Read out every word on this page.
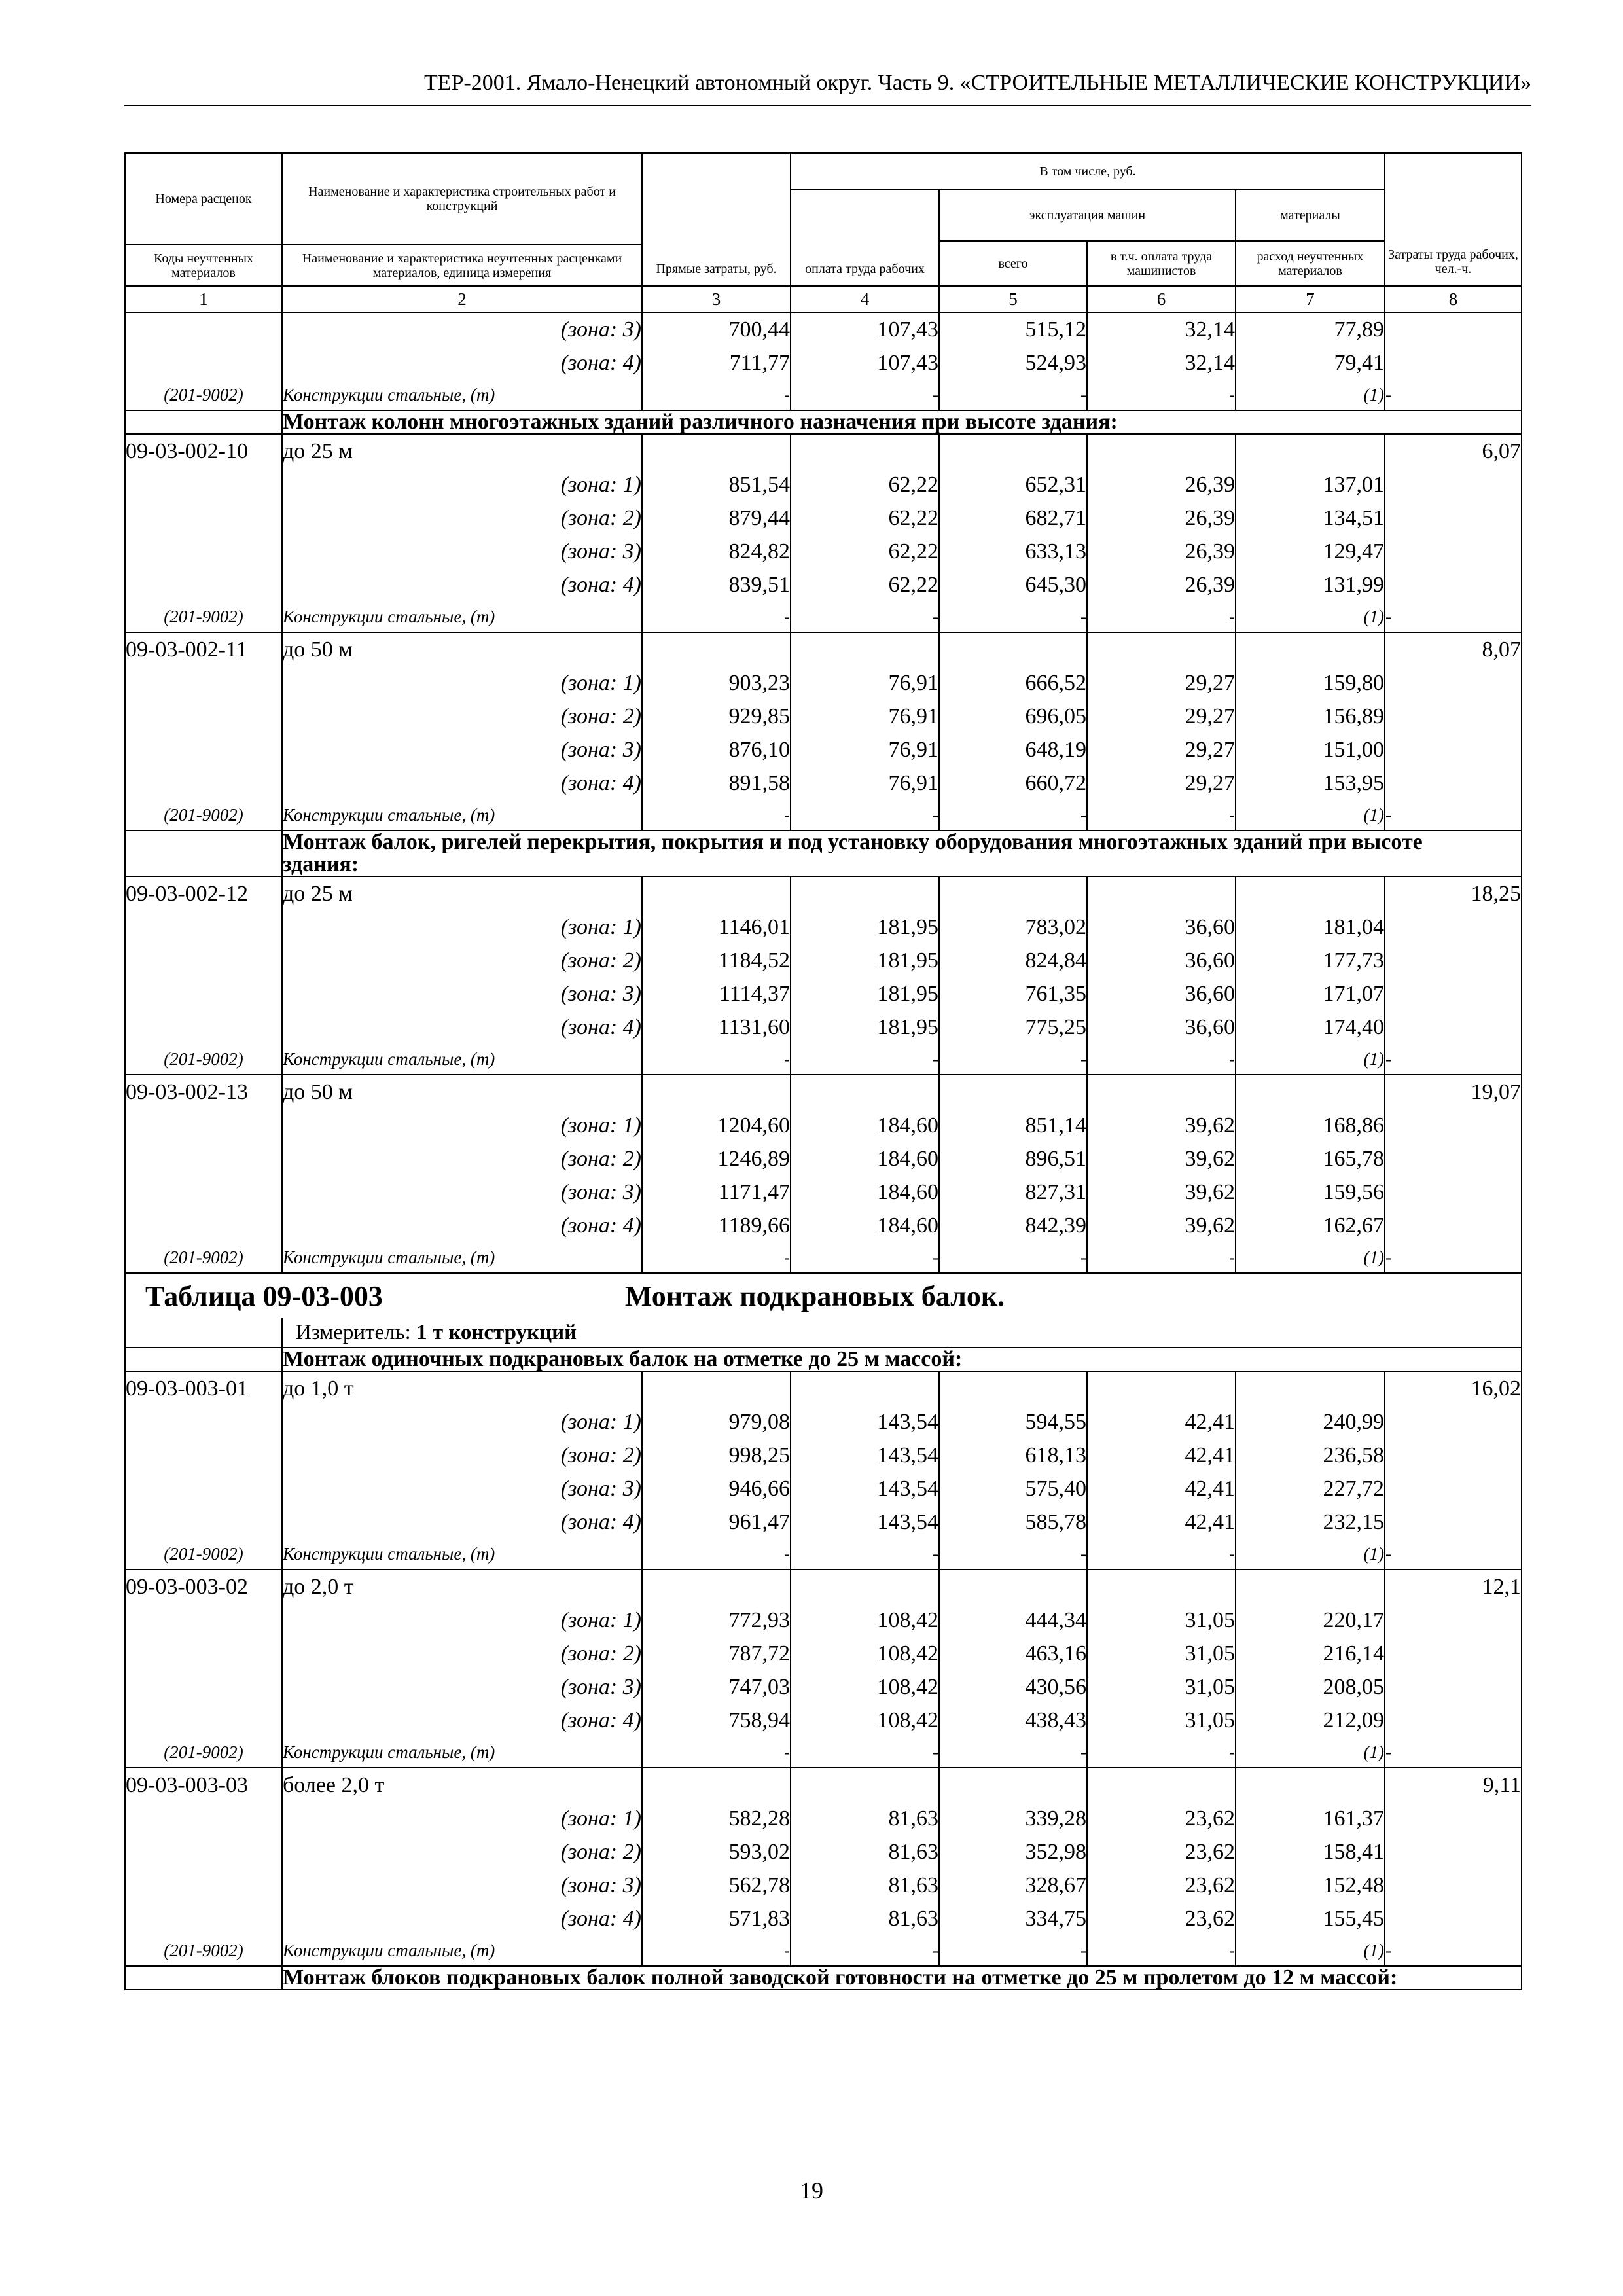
ТЕР-2001. Ямало-Ненецкий автономный округ. Часть 9. «СТРОИТЕЛЬНЫЕ МЕТАЛЛИЧЕСКИЕ КОНСТРУКЦИИ»
Номера расценок	Наименование и характеристика строительных работ и конструкций	Прямые затраты, руб.	В том числе, руб.				Затраты труда рабочих, чел.-ч.
			оплата труда рабочих	эксплуатация машин		материалы	
				всего	в т.ч. оплата труда машинистов	расход неучтенных материалов	
Коды неучтенных материалов	Наименование и характеристика неучтенных расценками материалов, единица измерения						

1	2	3	4	5	6	7	8
	(зона: 3)	700,44	107,43	515,12	32,14	77,89	
	(зона: 4)	711,77	107,43	524,93	32,14	79,41	
(201-9002)	Конструкции стальные, (т)	-	-	-	-	(1)	-
	Монтаж колонн многоэтажных зданий различного назначения при высоте здания:						
09-03-002-10	до 25 м						6,07
	(зона: 1)	851,54	62,22	652,31	26,39	137,01	
	(зона: 2)	879,44	62,22	682,71	26,39	134,51	
	(зона: 3)	824,82	62,22	633,13	26,39	129,47	
	(зона: 4)	839,51	62,22	645,30	26,39	131,99	
(201-9002)	Конструкции стальные, (т)	-	-	-	-	(1)	-
09-03-002-11	до 50 м						8,07
	(зона: 1)	903,23	76,91	666,52	29,27	159,80	
	(зона: 2)	929,85	76,91	696,05	29,27	156,89	
	(зона: 3)	876,10	76,91	648,19	29,27	151,00	
	(зона: 4)	891,58	76,91	660,72	29,27	153,95	
(201-9002)	Конструкции стальные, (т)	-	-	-	-	(1)	-
	Монтаж балок, ригелей перекрытия, покрытия и под установку оборудования многоэтажных зданий при высоте здания:						
09-03-002-12	до 25 м						18,25
	(зона: 1)	1146,01	181,95	783,02	36,60	181,04	
	(зона: 2)	1184,52	181,95	824,84	36,60	177,73	
	(зона: 3)	1114,37	181,95	761,35	36,60	171,07	
	(зона: 4)	1131,60	181,95	775,25	36,60	174,40	
(201-9002)	Конструкции стальные, (т)	-	-	-	-	(1)	-
09-03-002-13	до 50 м						19,07
	(зона: 1)	1204,60	184,60	851,14	39,62	168,86	
	(зона: 2)	1246,89	184,60	896,51	39,62	165,78	
	(зона: 3)	1171,47	184,60	827,31	39,62	159,56	
	(зона: 4)	1189,66	184,60	842,39	39,62	162,67	
(201-9002)	Конструкции стальные, (т)	-	-	-	-	(1)	-
Таблица 09-03-003 Монтаж подкрановых балок.							
	Измеритель: 1 т конструкций						
	Монтаж одиночных подкрановых балок на отметке до 25 м массой:						
09-03-003-01	до 1,0 т						16,02
	(зона: 1)	979,08	143,54	594,55	42,41	240,99	
	(зона: 2)	998,25	143,54	618,13	42,41	236,58	
	(зона: 3)	946,66	143,54	575,40	42,41	227,72	
	(зона: 4)	961,47	143,54	585,78	42,41	232,15	
(201-9002)	Конструкции стальные, (т)	-	-	-	-	(1)	-
09-03-003-02	до 2,0 т						12,1
	(зона: 1)	772,93	108,42	444,34	31,05	220,17	
	(зона: 2)	787,72	108,42	463,16	31,05	216,14	
	(зона: 3)	747,03	108,42	430,56	31,05	208,05	
	(зона: 4)	758,94	108,42	438,43	31,05	212,09	
(201-9002)	Конструкции стальные, (т)	-	-	-	-	(1)	-
09-03-003-03	более 2,0 т						9,11
	(зона: 1)	582,28	81,63	339,28	23,62	161,37	
	(зона: 2)	593,02	81,63	352,98	23,62	158,41	
	(зона: 3)	562,78	81,63	328,67	23,62	152,48	
	(зона: 4)	571,83	81,63	334,75	23,62	155,45	
(201-9002)	Конструкции стальные, (т)	-	-	-	-	(1)	-
	Монтаж блоков подкрановых балок полной заводской готовности на отметке до 25 м пролетом до 12 м массой:						
19
